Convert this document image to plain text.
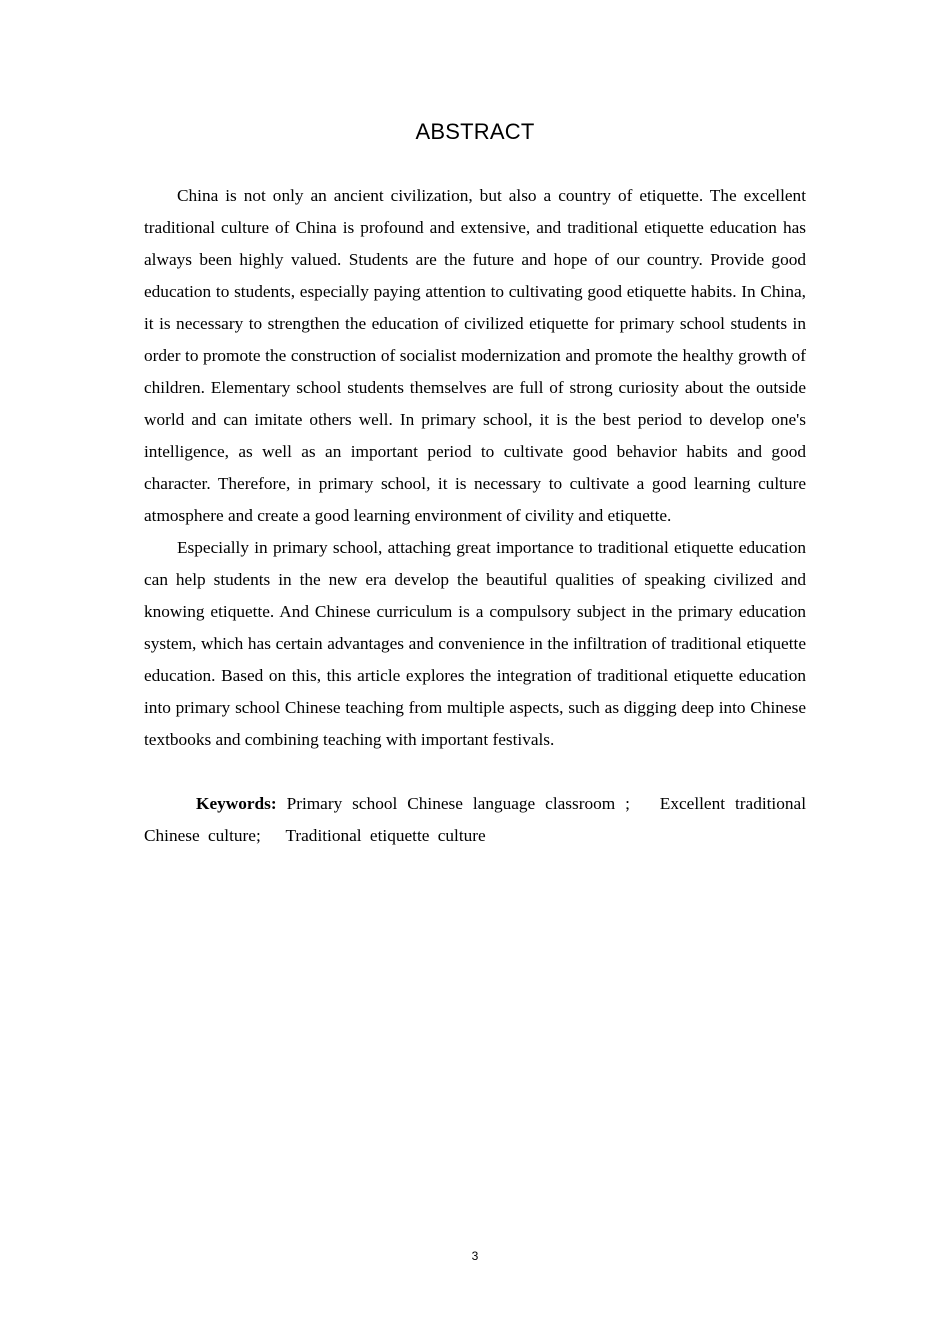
ABSTRACT

China is not only an ancient civilization, but also a country of etiquette. The excellent traditional culture of China is profound and extensive, and traditional etiquette education has always been highly valued. Students are the future and hope of our country. Provide good education to students, especially paying attention to cultivating good etiquette habits. In China, it is necessary to strengthen the education of civilized etiquette for primary school students in order to promote the construction of socialist modernization and promote the healthy growth of children. Elementary school students themselves are full of strong curiosity about the outside world and can imitate others well. In primary school, it is the best period to develop one's intelligence, as well as an important period to cultivate good behavior habits and good character. Therefore, in primary school, it is necessary to cultivate a good learning culture atmosphere and create a good learning environment of civility and etiquette.

Especially in primary school, attaching great importance to traditional etiquette education can help students in the new era develop the beautiful qualities of speaking civilized and knowing etiquette. And Chinese curriculum is a compulsory subject in the primary education system, which has certain advantages and convenience in the infiltration of traditional etiquette education. Based on this, this article explores the integration of traditional etiquette education into primary school Chinese teaching from multiple aspects, such as digging deep into Chinese textbooks and combining teaching with important festivals.

Keywords: Primary school Chinese language classroom ;   Excellent traditional Chinese culture;   Traditional etiquette culture

3
